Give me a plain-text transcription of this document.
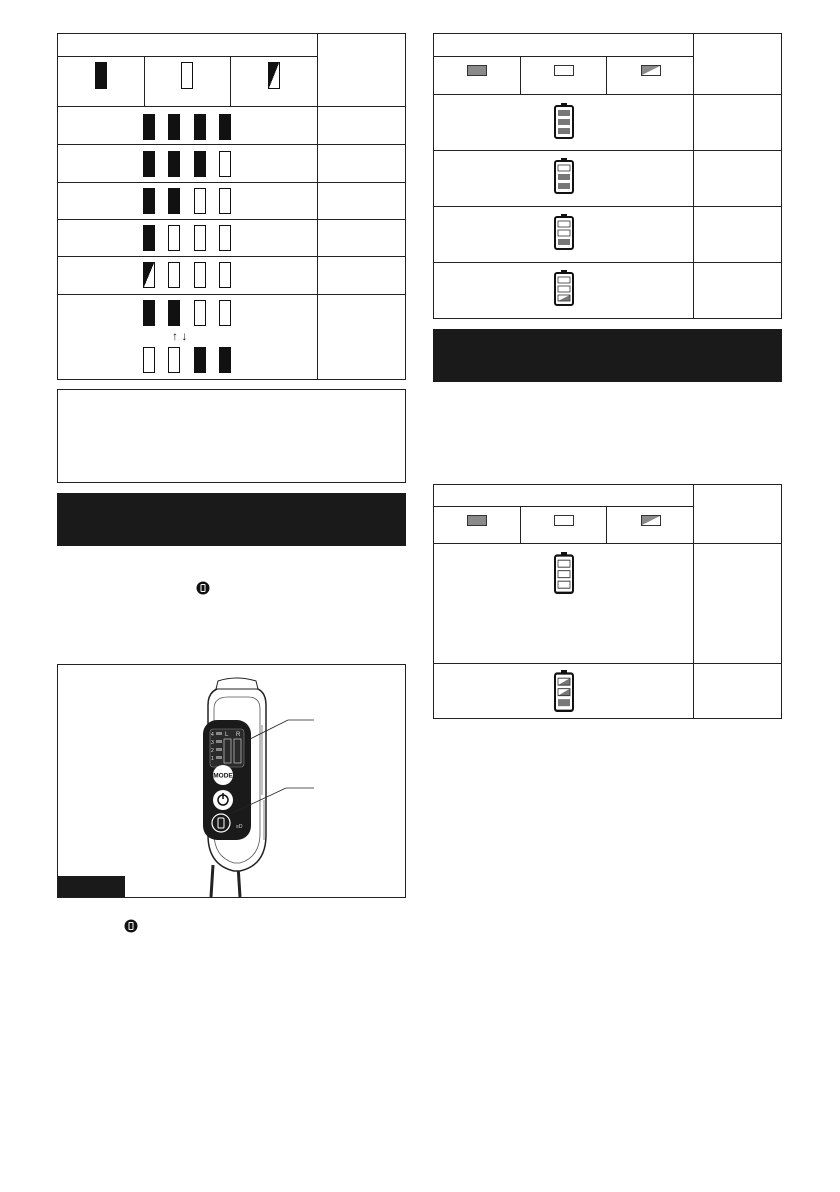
↑ ↓
4
3
2
1
L R
MODE
≡D
